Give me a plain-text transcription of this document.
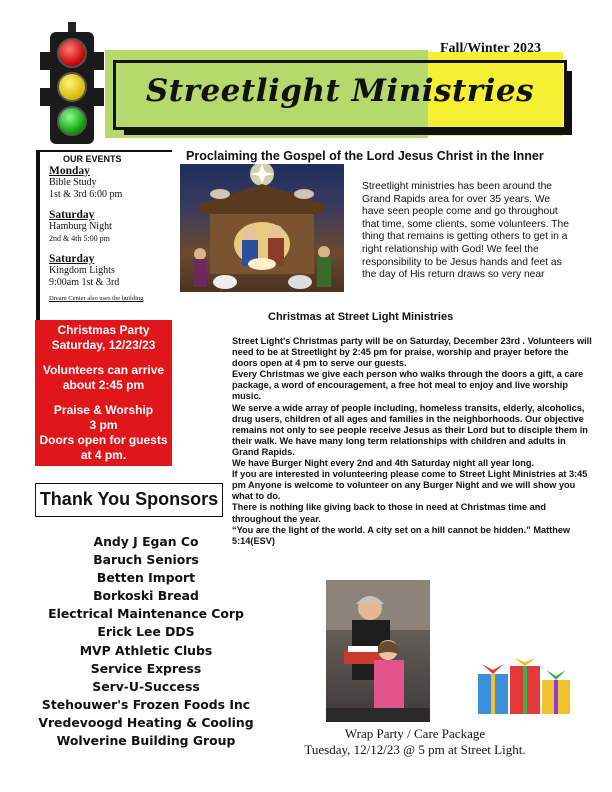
Fall/Winter 2023
Streetlight Ministries
Proclaiming the Gospel of the Lord Jesus Christ in the Inner
OUR EVENTS
Monday
Bible Study
1st & 3rd 6:00 pm
Saturday
Hamburg Night
2nd & 4th 5:00 pm
Saturday
Kingdom Lights
9:00am 1st & 3rd
Dream Center also uses the building
Christmas Party
Saturday, 12/23/23
Volunteers can arrive
about 2:45 pm
Praise & Worship
3 pm
Doors open for guests
at 4 pm.
Thank You Sponsors
Andy J Egan Co
Baruch Seniors
Betten Import
Borkoski Bread
Electrical Maintenance Corp
Erick Lee DDS
MVP Athletic Clubs
Service Express
Serv-U-Success
Stehouwer's Frozen Foods Inc
Vredevoogd Heating & Cooling
Wolverine Building Group
Streetlight ministries has been around the Grand Rapids area for over 35 years. We have seen people come and go throughout that time, some clients, some volunteers. The thing that remains is getting others to get in a right relationship with God! We feel the responsibility to be Jesus hands and feet as the day of His return draws so very near
Christmas at Street Light Ministries

Street Light's Christmas party will be on Saturday, December 23rd . Volunteers will need to be at Streetlight by 2:45 pm for praise, worship and prayer before the doors open at 4 pm to serve our guests.

Every Christmas we give each person who walks through the doors a gift, a care package, a word of encouragement, a free hot meal to enjoy and live worship music.

We serve a wide array of people including, homeless transits, elderly, alcoholics, drug users, children of all ages and families in the neighborhoods. Our objective remains not only to see people receive Jesus as their Lord but to disciple them in their walk. We have many long term relationships with children and adults in Grand Rapids.

We have Burger Night every 2nd and 4th Saturday night all year long.

If you are interested in volunteering please come to Street Light Ministries at 3:45 pm Anyone is welcome to volunteer on any Burger Night and we will show you what to do.

There is nothing like giving back to those in need at Christmas time and throughout the year.

“You are the light of the world. A city set on a hill cannot be hidden.” Matthew 5:14(ESV)

Wrap Party / Care Package
Tuesday, 12/12/23 @ 5 pm at Street Light.
